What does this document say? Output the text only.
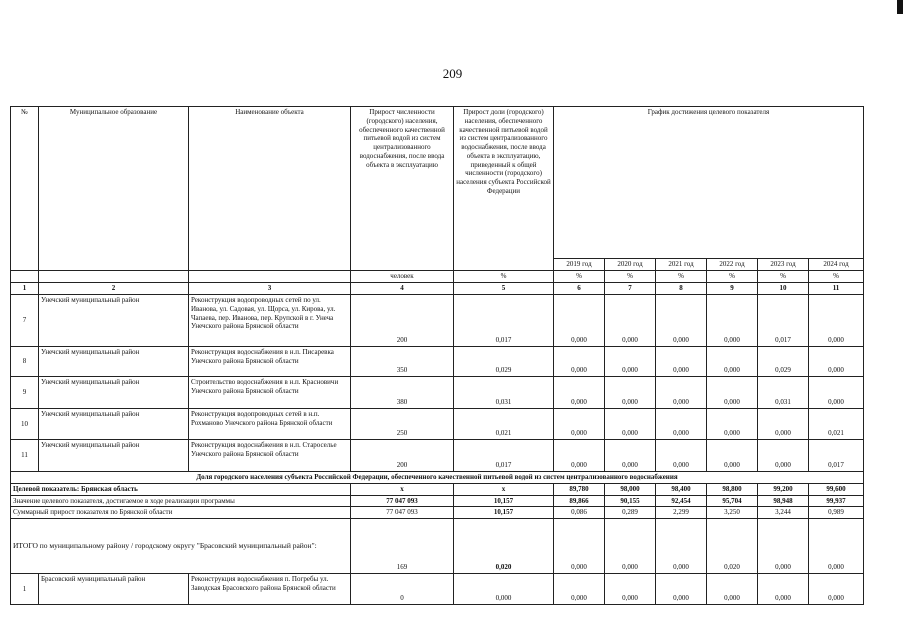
209
№	Муниципальное образование	Наименование объекта	Прирост численности (городского) населения, обеспеченного качественной питьевой водой из систем централизованного водоснабжения, после ввода объекта в эксплуатацию	Прирост доли (городского) населения, обеспеченного качественной питьевой водой из систем централизованного водоснабжения, после ввода объекта в эксплуатацию, приведенный к общей численности (городского) населения субъекта Российской Федерации	График достижения целевого показателя					
					2019 год	2020 год	2021 год	2022 год	2023 год	2024 год
			человек	%	%	%	%	%	%	%
1	2	3	4	5	6	7	8	9	10	11
7	Унечский муниципальный район	Реконструкция водопроводных сетей по ул. Иванова, ул. Садовая, ул. Щорса, ул. Кирова, ул. Чапаева, пер. Иванова, пер. Крупской в г. Унеча Унечского района Брянской области	200	0,017	0,000	0,000	0,000	0,000	0,017	0,000
8	Унечский муниципальный район	Реконструкция водоснабжения в н.п. Писаревка Унечского района Брянской области	350	0,029	0,000	0,000	0,000	0,000	0,029	0,000
9	Унечский муниципальный район	Строительство водоснабжения в н.п. Красновичи Унечского района Брянской области	380	0,031	0,000	0,000	0,000	0,000	0,031	0,000
10	Унечский муниципальный район	Реконструкция водопроводных сетей в н.п. Рохманово Унечского района Брянской области	250	0,021	0,000	0,000	0,000	0,000	0,000	0,021
11	Унечский муниципальный район	Реконструкция водоснабжения в н.п. Староселье Унечского района Брянской области	200	0,017	0,000	0,000	0,000	0,000	0,000	0,017
Доля городского населения субъекта Российской Федерации, обеспеченного качественной питьевой водой из систем централизованного водоснабжения										
Целевой показатель: Брянская область			x	x	89,780	98,000	98,400	98,800	99,200	99,600
Значение целевого показателя, достигаемое в ходе реализации программы			77 047 093	10,157	89,866	90,155	92,454	95,704	98,948	99,937
Суммарный прирост показателя по Брянской области			77 047 093	10,157	0,086	0,289	2,299	3,250	3,244	0,989
ИТОГО по муниципальному району / городскому округу "Брасовский муниципальный район":			169	0,020	0,000	0,000	0,000	0,020	0,000	0,000
1	Брасовский муниципальный район	Реконструкция водоснабжения п. Погребы ул. Заводская Брасовского района Брянской области	0	0,000	0,000	0,000	0,000	0,000	0,000	0,000
